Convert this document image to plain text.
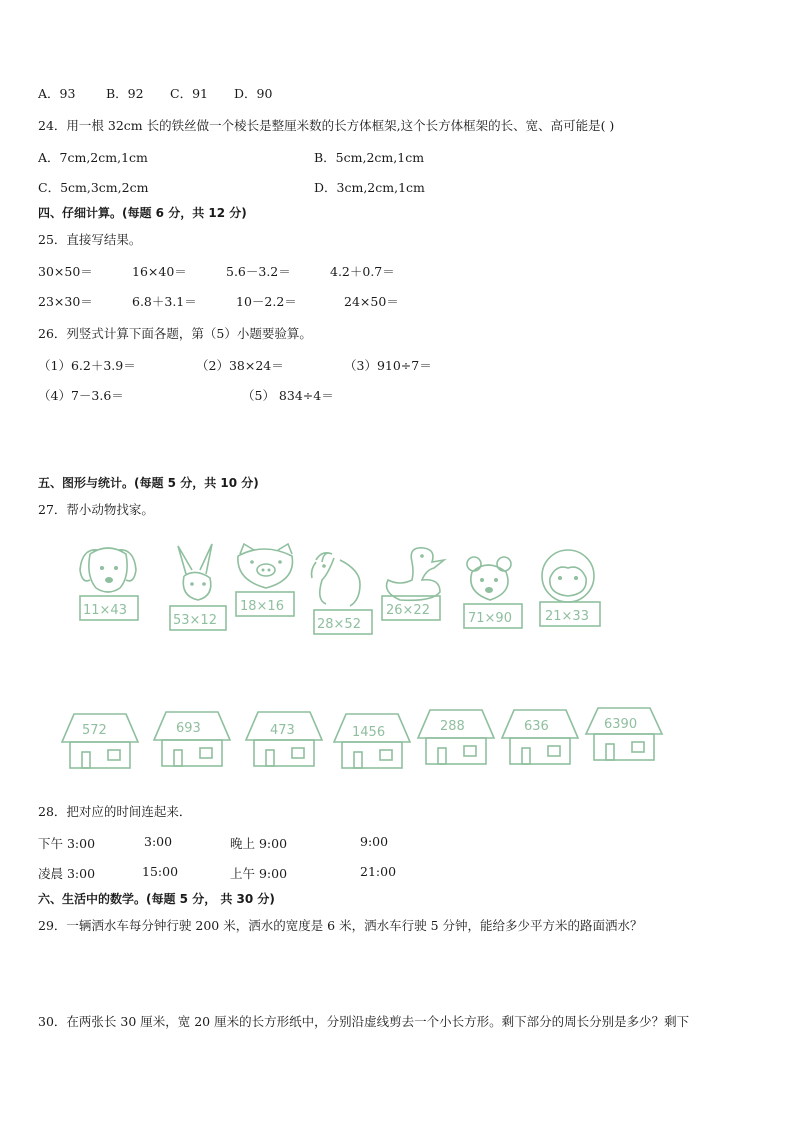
A．93 B．92 C．91 D．90
24．用一根 32cm 长的铁丝做一个棱长是整厘米数的长方体框架,这个长方体框架的长、宽、高可能是( )
A．7cm,2cm,1cm	B．5cm,2cm,1cm
C．5cm,3cm,2cm	D．3cm,2cm,1cm
四、仔细计算。(每题 6 分，共 12 分)
25．直接写结果。
30×50＝	16×40＝	5.6－3.2＝	4.2＋0.7＝
23×30＝	6.8＋3.1＝	10－2.2＝	24×50＝
26．列竖式计算下面各题，第（5）小题要验算。
（1）6.2＋3.9＝	（2）38×24＝	（3）910÷7＝
（4）7－3.6＝	（5） 834÷4＝
五、图形与统计。(每题 5 分，共 10 分)
27．帮小动物找家。
11×43
53×12
18×16
28×52
26×22
71×90	21×33
572	693	473	1456	288	636	6390
28．把对应的时间连起来．
下午 3:00	3:00	晚上 9:00	9:00
凌晨 3:00	15:00	上午 9:00	21:00
六、生活中的数学。(每题 5 分， 共 30 分)
29．一辆洒水车每分钟行驶 200 米，洒水的宽度是 6 米，洒水车行驶 5 分钟，能给多少平方米的路面洒水？
30．在两张长 30 厘米，宽 20 厘米的长方形纸中，分别沿虚线剪去一个小长方形。剩下部分的周长分别是多少？剩下
